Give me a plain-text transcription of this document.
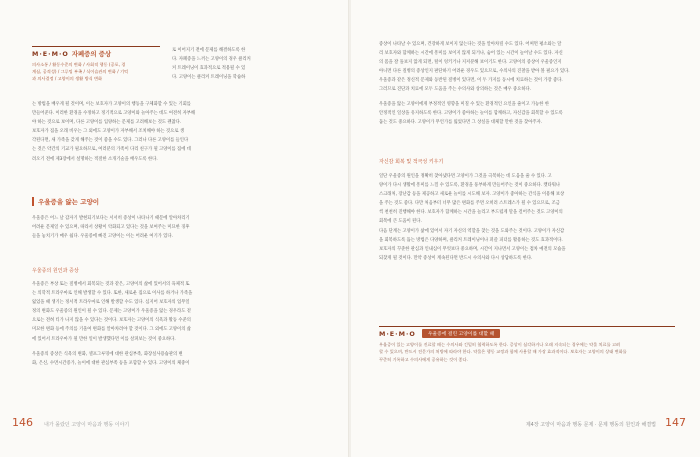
M·E·M·O 자폐증의 증상
의사소통 / 활동수준의 변화 / 사회적 행동 (공포, 경
계심, 공격성) / 그루밍 부족 / 식이습관의 변화 / 기억
과 의사결정 / 고양이의 생활 방식 변화
로 이어지기 전에 문제를 해결하도록 한
다. 자폐증을 느끼는 고양이의 경우 클리커
커 트레이닝이 효과적으로 적용될 수 있
다. 고양이는 클리커 트레이닝을 학습하
는 방법을 배우게 될 것이며, 이는 보호자가 고양이의 행동을 구체화할 수 있는 기회를
만들어준다. 이러한 환경을 수정하고 정기적으로 고양이와 놀아주는 데도 여전히 자부해
야 하는 것으로 보이며, 다른 고양이를 입양하는 문제를 고려해보는 것도 괜찮다.
보호자가 집을 오래 비우는 그 외에도 고양이가 자부해서 조치해야 하는 것으로 생
각된다면, 새 가족을 갖게 해주는 것이 좋을 수도 있다. 그러나 다른 고양이를 들인다
는 것은 약간의 기교가 필요하므로, 여러분의 가족이 다리 친구가 될 고양이를 집에 데
려오기 전에 제3장에서 설명하는 적절한 소개기술을 배우도록 한다.
우울증을 앓는 고양이
우울증은 어느 날 갑자기 발현되기보다는 서서히 증상이 나타나기 때문에 알아차리기
어려운 문제일 수 있으며, 따라서 상황이 악화되고 있다는 것을 보여주는 미묘한 징후
들을 놓치기가 매우 쉽다. 우울증에 빠진 고양이는 이는 어려운 여기가 있다.
우울증의 원인과 증상
우울증은 부상 또는 질병에서 회복되는 것과 같은, 고양이의 삶에 있어서의 육체적 또
는 의학적 트라우마로 인해 발생할 수 있다. 또한, 새로운 집으로 이사를 하거나 가족을
잃었을 때 생기는 정서적 트라우마로 인해 발생할 수도 있다. 심지어 보호자의 업무일
정의 변화도 우울증의 원인이 될 수 있다. 문제는 고양이가 우울증을 앓는 경우라도 겉
으로는 전혀 티가 나지 않을 수 있다는 것이다. 보호자는 고양이의 식욕과 활동 수준의
미묘한 변화 등에 주의를 기울여 변화를 알아차려야 할 것이다. 그 외에도 고양이의 삶
에 있어서 트라우마가 될 만한 일이 발생했다면 이를 살펴보는 것이 중요하다.
우울증의 증상은 식욕의 변화, 셀프그루밍에 대한 관심부족, 화장실사용습관의 변
화, 은신, 수면시간증가, 놀이에 대한 관심부족 등을 포함할 수 있다. 고양이의 체중이
146 내가 몰랐던 고양이 마음과 행동 이야기
증상이 나타날 수 있으며, 건강하게 보이지 않는다는 것을 알아차릴 수도 있다. 어쩌면 평소와는 달
리 보호자와 함께하는 시간에 흥미를 보이지 않게 되거나, 숨어 있는 시간이 늘어날 수도 있다. 자신
의 몸을 잘 돌보지 않게 되면, 털이 엉키거나 지저분해 보이기도 한다. 고양이의 증상이 우울증인지
아니면 다른 질병의 증상인지 판단하기 어려운 경우도 있으므로, 수의사의 진찰을 받아 볼 필요가 있다.
우울증과 같은 정신적 문제와 동반된 질병이 있다면, 이 두 가지를 동시에 치료하는 것이 가장 좋다.
그러므로 진단과 치료에 모두 도움을 주는 수의사와 상의하는 것은 매우 중요하다.
우울증을 앓는 고양이에게 부정적인 영향을 미칠 수 있는 환경적인 요인을 줄이고 가능한 한
안정적인 일상을 유지하도록 한다. 고양이가 좋아하는 놀이를 함께하고, 자신감을 회복할 수 있도록
돕는 것도 중요하다. 고양이가 무언가를 잃었다면 그 상실을 대체할 만한 것을 찾아주자.
자신감 회복 및 적극성 키우기
일단 우울증의 원인을 정확히 찾아냈다면 고양이가 그것을 극복하는 데 도움을 줄 수 있다. 고
양이가 다시 생활에 흥미를 느낄 수 있도록, 환경을 풍부하게 만들어주는 것이 중요하다. 캣타워나
스크래처, 장난감 등을 제공하고 새로운 놀이를 시도해 보자. 고양이가 좋아하는 간식을 이용해 보상
을 주는 것도 좋다. 다만 처음부터 너무 많은 변화를 주면 오히려 스트레스가 될 수 있으므로, 조금
씩 천천히 진행해야 한다. 보호자가 함께하는 시간을 늘리고 부드럽게 말을 걸어주는 것도 고양이의
회복에 큰 도움이 된다.
다음 단계는 고양이가 삶에 있어서 자기 자신의 역할을 찾는 것을 도와주는 것이다. 고양이가 자신감
을 회복하도록 돕는 방법은 다양하며, 클리커 트레이닝이나 퍼즐 피더를 활용하는 것도 효과적이다.
보호자의 꾸준한 관심과 인내심이 무엇보다 중요하며, 시간이 지나면서 고양이는 점차 예전의 모습을
되찾게 될 것이다. 만약 증상이 계속된다면 반드시 수의사와 다시 상담하도록 한다.
M·E·M·O	우울증에 걸린 고양이를 대할 때
우울증이 있는 고양이를 진료할 때는 수의사와 긴밀히 협력하도록 한다. 증상이 심각하거나 오래 지속되는 경우에는 약물 치료를 고려
할 수 있으며, 반드시 전문가의 처방에 따라야 한다. 약물은 행동 교정과 함께 사용할 때 가장 효과적이다. 보호자는 고양이의 상태 변화를
꾸준히 기록하고 수의사에게 공유하는 것이 좋다.
제4장 고양이 마음과 행동 문제 · 문제 행동의 원인과 해결법 147
